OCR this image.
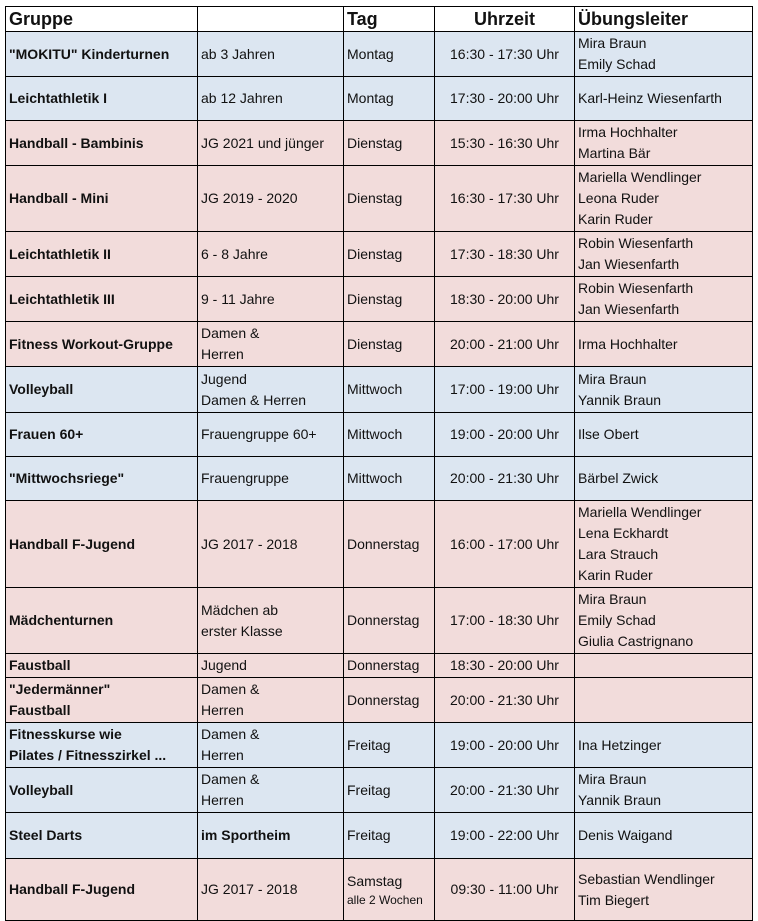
Gruppe		Tag	Uhrzeit	Übungsleiter

"MOKITU" Kinderturnen	ab 3 Jahren	Montag	16:30 - 17:30 Uhr	Mira Braun
Emily Schad

Leichtathletik I	ab 12 Jahren	Montag	17:30 - 20:00 Uhr	Karl-Heinz Wiesenfarth

Handball - Bambinis	JG 2021 und jünger	Dienstag	15:30 - 16:30 Uhr	Irma Hochhalter
Martina Bär

Handball - Mini	JG 2019 - 2020	Dienstag	16:30 - 17:30 Uhr	Mariella Wendlinger
Leona Ruder
Karin Ruder

Leichtathletik II	6 - 8 Jahre	Dienstag	17:30 - 18:30 Uhr	Robin Wiesenfarth
Jan Wiesenfarth

Leichtathletik III	9 - 11 Jahre	Dienstag	18:30 - 20:00 Uhr	Robin Wiesenfarth
Jan Wiesenfarth

Fitness Workout-Gruppe	Damen &
Herren	Dienstag	20:00 - 21:00 Uhr	Irma Hochhalter

Volleyball	Jugend
Damen & Herren	Mittwoch	17:00 - 19:00 Uhr	Mira Braun
Yannik Braun

Frauen 60+	Frauengruppe 60+	Mittwoch	19:00 - 20:00 Uhr	Ilse Obert

"Mittwochsriege"	Frauengruppe	Mittwoch	20:00 - 21:30 Uhr	Bärbel Zwick

Handball F-Jugend	JG 2017 - 2018	Donnerstag	16:00 - 17:00 Uhr	Mariella Wendlinger
Lena Eckhardt
Lara Strauch
Karin Ruder

Mädchenturnen	Mädchen ab
erster Klasse	Donnerstag	17:00 - 18:30 Uhr	Mira Braun
Emily Schad
Giulia Castrignano

Faustball	Jugend	Donnerstag	18:30 - 20:00 Uhr	

"Jedermänner"
Faustball	Damen &
Herren	Donnerstag	20:00 - 21:30 Uhr	

Fitnesskurse wie
Pilates / Fitnesszirkel ...	Damen &
Herren	Freitag	19:00 - 20:00 Uhr	Ina Hetzinger

Volleyball	Damen &
Herren	Freitag	20:00 - 21:30 Uhr	Mira Braun
Yannik Braun

Steel Darts	im Sportheim	Freitag	19:00 - 22:00 Uhr	Denis Waigand

Handball F-Jugend	JG 2017 - 2018	Samstag
alle 2 Wochen	09:30 - 11:00 Uhr	Sebastian Wendlinger
Tim Biegert
